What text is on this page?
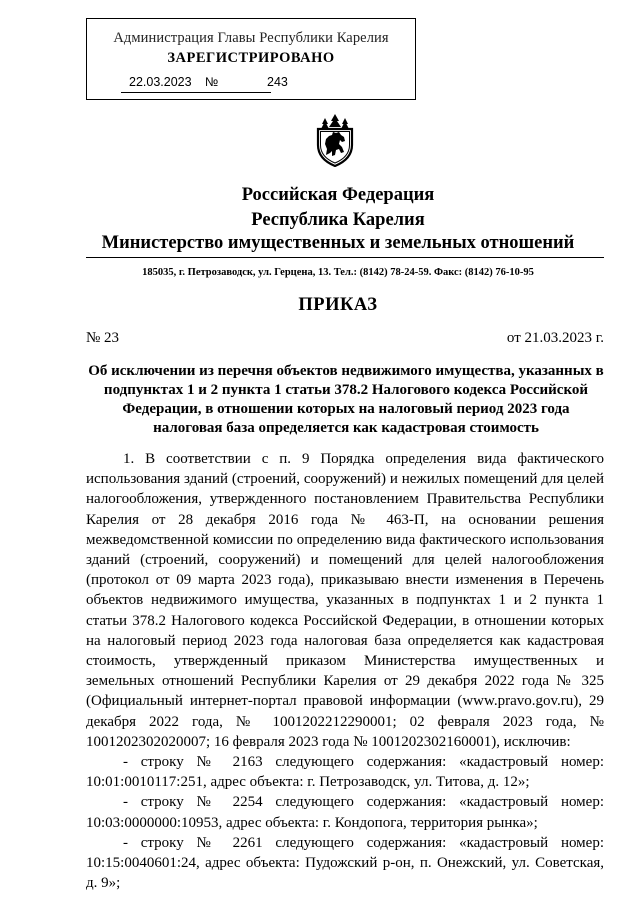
Администрация Главы Республики Карелия
ЗАРЕГИСТРИРОВАНО
22.03.2023 №	243
Российская Федерация
Республика Карелия
Министерство имущественных и земельных отношений
185035, г. Петрозаводск, ул. Герцена, 13. Тел.: (8142) 78-24-59. Факс: (8142) 76-10-95
ПРИКАЗ
№ 23	от 21.03.2023 г.
Об исключении из перечня объектов недвижимого имущества, указанных в подпунктах 1 и 2 пункта 1 статьи 378.2 Налогового кодекса Российской Федерации, в отношении которых на налоговый период 2023 года налоговая база определяется как кадастровая стоимость

1. В соответствии с п. 9 Порядка определения вида фактического использования зданий (строений, сооружений) и нежилых помещений для целей налогообложения, утвержденного постановлением Правительства Республики Карелия от 28 декабря 2016 года № 463-П, на основании решения межведомственной комиссии по определению вида фактического использования зданий (строений, сооружений) и помещений для целей налогообложения (протокол от 09 марта 2023 года), приказываю внести изменения в Перечень объектов недвижимого имущества, указанных в подпунктах 1 и 2 пункта 1 статьи 378.2 Налогового кодекса Российской Федерации, в отношении которых на налоговый период 2023 года налоговая база определяется как кадастровая стоимость, утвержденный приказом Министерства имущественных и земельных отношений Республики Карелия от 29 декабря 2022 года № 325 (Официальный интернет-портал правовой информации (www.pravo.gov.ru), 29 декабря 2022 года, № 1001202212290001; 02 февраля 2023 года, № 1001202302020007; 16 февраля 2023 года № 1001202302160001), исключив:

- строку № 2163 следующего содержания: «кадастровый номер: 10:01:0010117:251, адрес объекта: г. Петрозаводск, ул. Титова, д. 12»;

- строку № 2254 следующего содержания: «кадастровый номер: 10:03:0000000:10953, адрес объекта: г. Кондопога, территория рынка»;

- строку № 2261 следующего содержания: «кадастровый номер: 10:15:0040601:24, адрес объекта: Пудожский р-он, п. Онежский, ул. Советская, д. 9»;
